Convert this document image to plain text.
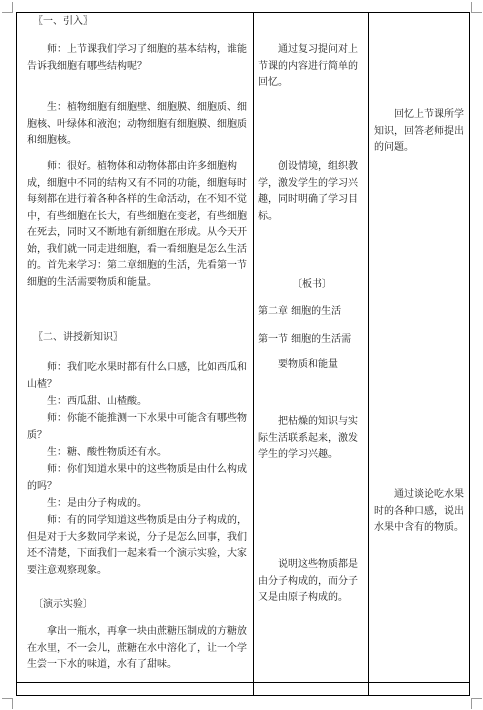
〖一、引入〗

师：上节课我们学习了细胞的基本结构，谁能告诉我细胞有哪些结构呢？

生：植物细胞有细胞壁、细胞膜、细胞质、细胞核、叶绿体和液泡；动物细胞有细胞膜、细胞质和细胞核。

师：很好。植物体和动物体都由许多细胞构成，细胞中不同的结构又有不同的功能，细胞每时每刻都在进行着各种各样的生命活动，在不知不觉中，有些细胞在长大，有些细胞在变老，有些细胞在死去，同时又不断地有新细胞在形成。从今天开始，我们就一同走进细胞，看一看细胞是怎么生活的。首先来学习：第二章细胞的生活，先看第一节细胞的生活需要物质和能量。

〖二、讲授新知识〗

师：我们吃水果时都有什么口感，比如西瓜和山楂？

生：西瓜甜、山楂酸。

师：你能不能推测一下水果中可能含有哪些物质？

生：糖、酸性物质还有水。

师：你们知道水果中的这些物质是由什么构成的吗？

生：是由分子构成的。

师：有的同学知道这些物质是由分子构成的，但是对于大多数同学来说，分子是怎么回事，我们还不清楚，下面我们一起来看一个演示实验，大家要注意观察现象。

〔演示实验〕

拿出一瓶水，再拿一块由蔗糖压制成的方糖放在水里，不一会儿，蔗糖在水中溶化了，让一个学生尝一下水的味道，水有了甜味。

通过复习提问对上节课的内容进行简单的回忆。

创设情境，组织教学，激发学生的学习兴趣，同时明确了学习目标。

〔板书〕

第二章 细胞的生活

第一节 细胞的生活需

要物质和能量

把枯燥的知识与实际生活联系起来，激发学生的学习兴趣。

说明这些物质都是由分子构成的，而分子又是由原子构成的。

回忆上节课所学知识，回答老师提出的问题。

通过谈论吃水果时的各种口感，说出水果中含有的物质。
